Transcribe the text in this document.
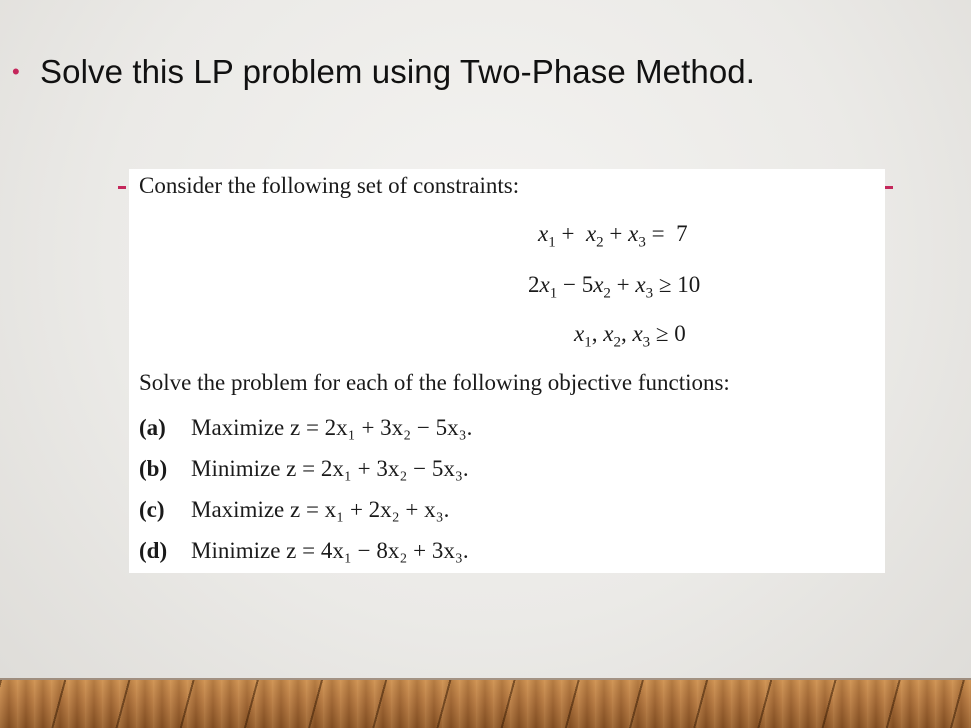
• Solve this LP problem using Two-Phase Method.
Consider the following set of constraints:
$x_1 + x_2 + x_3 = 7$
$2x_1 - 5x_2 + x_3 \ge 10$
$x_1$, $x_2$, $x_3 \ge 0$
Solve the problem for each of the following objective functions:
(a) Maximize z = 2x₁ + 3x₂ − 5x₃.
(b) Minimize z = 2x₁ + 3x₂ − 5x₃.
(c) Maximize z = x₁ + 2x₂ + x₃.
(d) Minimize z = 4x₁ − 8x₂ + 3x₃.
